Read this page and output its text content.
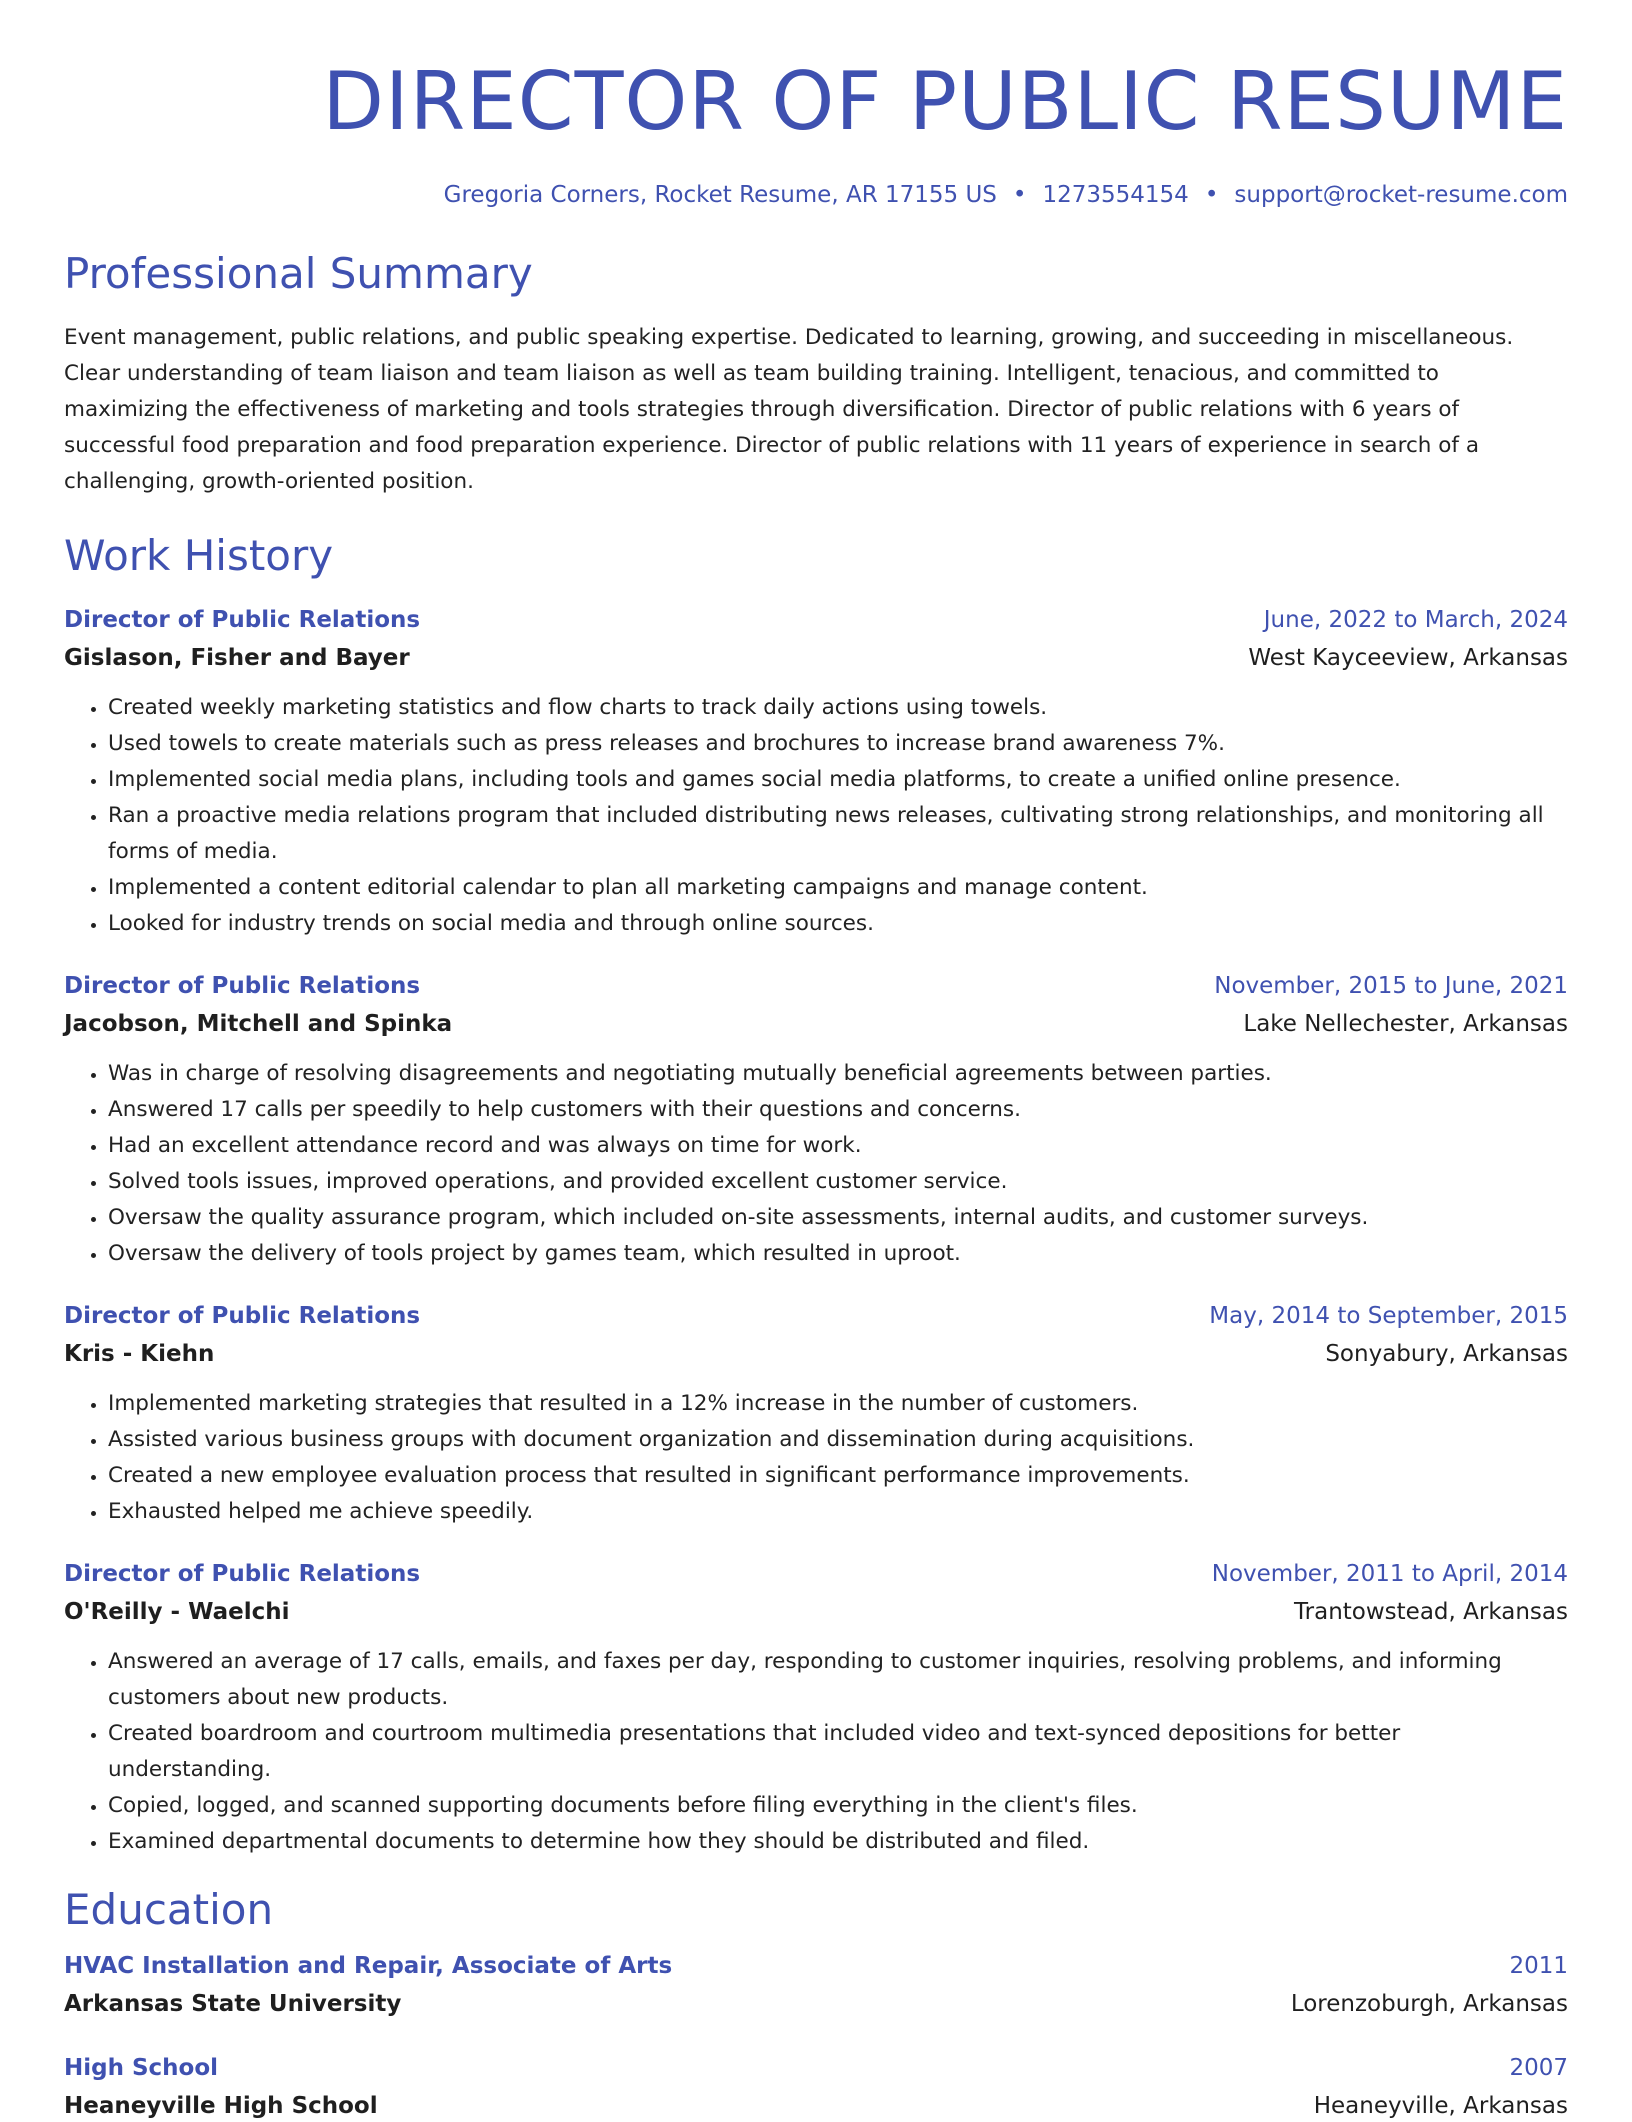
DIRECTOR OF PUBLIC RESUME
Gregoria Corners, Rocket Resume, AR 17155 US • 1273554154 • support@rocket-resume.com
Professional Summary

Event management, public relations, and public speaking expertise. Dedicated to learning, growing, and succeeding in miscellaneous. Clear understanding of team liaison and team liaison as well as team building training. Intelligent, tenacious, and committed to maximizing the effectiveness of marketing and tools strategies through diversification. Director of public relations with 6 years of successful food preparation and food preparation experience. Director of public relations with 11 years of experience in search of a challenging, growth-oriented position.

Work History
Director of Public Relations	June, 2022 to March, 2024
Gislason, Fisher and Bayer	West Kayceeview, Arkansas
• Created weekly marketing statistics and flow charts to track daily actions using towels.
• Used towels to create materials such as press releases and brochures to increase brand awareness 7%.
• Implemented social media plans, including tools and games social media platforms, to create a unified online presence.
• Ran a proactive media relations program that included distributing news releases, cultivating strong relationships, and monitoring all forms of media.
• Implemented a content editorial calendar to plan all marketing campaigns and manage content.
• Looked for industry trends on social media and through online sources.
Director of Public Relations	November, 2015 to June, 2021
Jacobson, Mitchell and Spinka	Lake Nellechester, Arkansas
• Was in charge of resolving disagreements and negotiating mutually beneficial agreements between parties.
• Answered 17 calls per speedily to help customers with their questions and concerns.
• Had an excellent attendance record and was always on time for work.
• Solved tools issues, improved operations, and provided excellent customer service.
• Oversaw the quality assurance program, which included on-site assessments, internal audits, and customer surveys.
• Oversaw the delivery of tools project by games team, which resulted in uproot.
Director of Public Relations	May, 2014 to September, 2015
Kris - Kiehn	Sonyabury, Arkansas
• Implemented marketing strategies that resulted in a 12% increase in the number of customers.
• Assisted various business groups with document organization and dissemination during acquisitions.
• Created a new employee evaluation process that resulted in significant performance improvements.
• Exhausted helped me achieve speedily.
Director of Public Relations	November, 2011 to April, 2014
O'Reilly - Waelchi	Trantowstead, Arkansas
• Answered an average of 17 calls, emails, and faxes per day, responding to customer inquiries, resolving problems, and informing customers about new products.
• Created boardroom and courtroom multimedia presentations that included video and text-synced depositions for better understanding.
• Copied, logged, and scanned supporting documents before filing everything in the client's files.
• Examined departmental documents to determine how they should be distributed and filed.
Education
HVAC Installation and Repair, Associate of Arts	2011
Arkansas State University	Lorenzoburgh, Arkansas
High School	2007
Heaneyville High School	Heaneyville, Arkansas
